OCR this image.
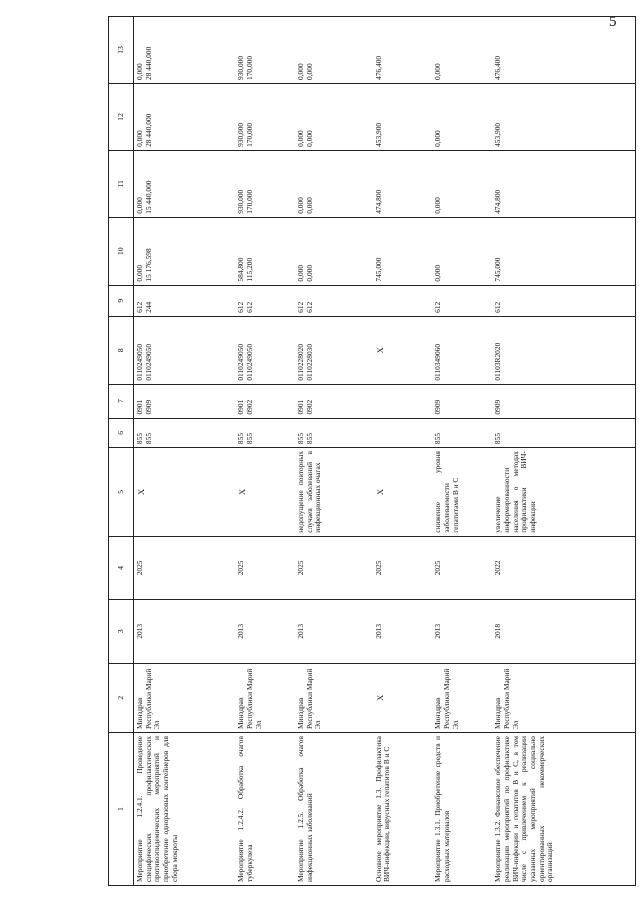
5
1	2	3	4	5	6	7	8	9	10	11	12	13
Мероприятие 1.2.4.1. Проведение специфических профилактических противоэпидемических мероприятий и приобретение одноразовых контейнеров для сбора мокроты	Минздрав Республики Марий Эл	2013	2025	X	855 855	0901 0909	0110249050 0110249050	612 244	0,000 15 176,598	0,000 15 440,000	0,000 28 440,000	0,000 28 440,000

Мероприятие 1.2.4.2. Обработка очагов туберкулеза	Минздрав Республики Марий Эл	2013	2025	X	855 855	0901 0902	0110249050 0110249050	612 612	584,800 115,200	930,000 170,000	930,000 170,000	930,000 170,000

Мероприятие 1.2.5. Обработка очагов инфекционных заболеваний	Минздрав Республики Марий Эл	2013	2025	недопущение повторных случаев заболеваний в инфекционных очагах	855 855	0901 0902	0110228020 0110228030	612 612	0,000 0,000	0,000 0,000	0,000 0,000	0,000 0,000

Основное мероприятие 1.3. Профилактика ВИЧ-инфекции, вирусных гепатитов В и С	X	2013	2025	X			X		745,000	474,800	453,900	476,400
Мероприятие 1.3.1. Приобретение средств и расходных материалов	Минздрав Республики Марий Эл	2013	2025	снижение уровня заболеваемости гепатитами В и С	855	0909	0110349060	612	0,000	0,000	0,000	0,000
Мероприятие 1.3.2. Финансовое обеспечение реализации мероприятий по профилактике ВИЧ-инфекции и гепатитов В и С, в том числе с привлечением к реализации указанных мероприятий социально ориентированных некоммерческих организаций	Минздрав Республики Марий Эл	2018	2022	увеличение информированности населения о методах профилактики ВИЧ-инфекции	855	0909	01103R2020	612	745,000	474,800	453,900	476,400
